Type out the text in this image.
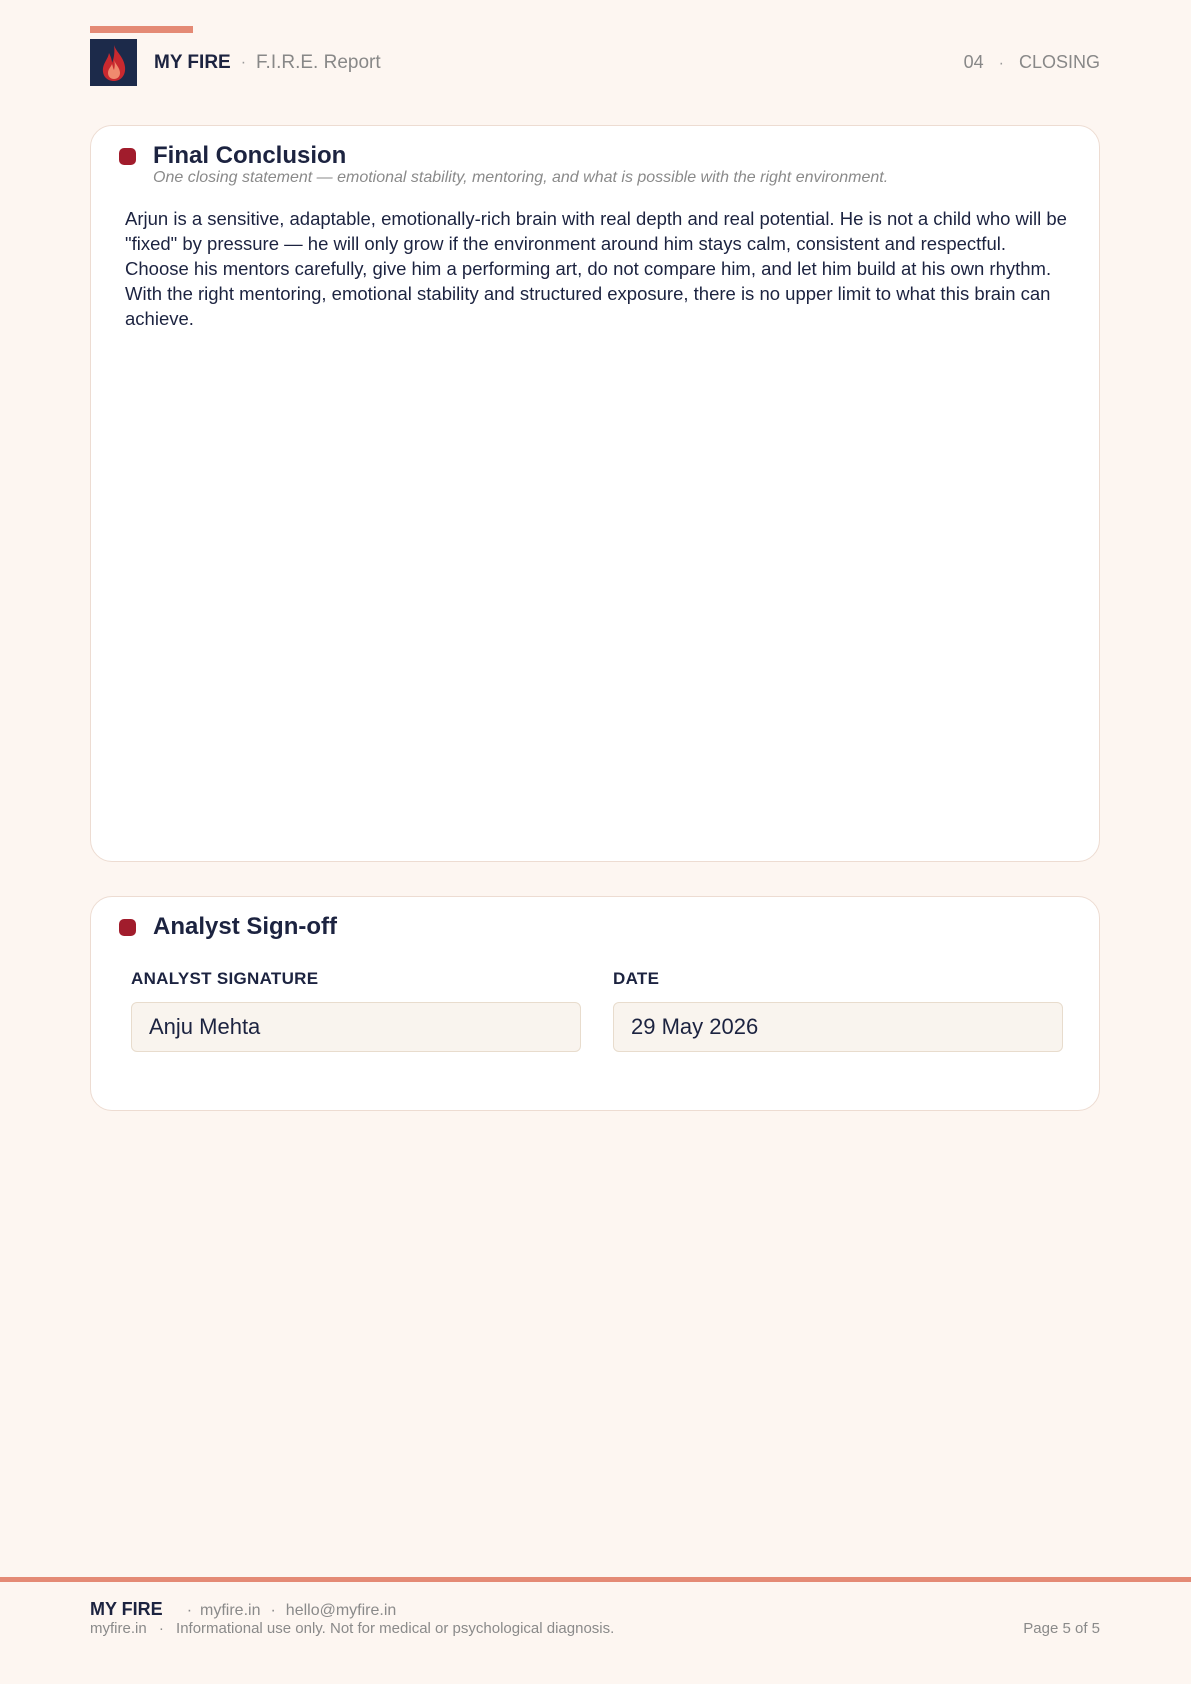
MY FIRE · F.I.R.E. Report	04 · CLOSING
Final Conclusion
One closing statement — emotional stability, mentoring, and what is possible with the right environment.
Arjun is a sensitive, adaptable, emotionally-rich brain with real depth and real potential. He is not a child who will be "fixed" by pressure — he will only grow if the environment around him stays calm, consistent and respectful. Choose his mentors carefully, give him a performing art, do not compare him, and let him build at his own rhythm. With the right mentoring, emotional stability and structured exposure, there is no upper limit to what this brain can achieve.
Analyst Sign-off
ANALYST SIGNATURE
Anju Mehta
DATE
29 May 2026
MY FIRE · myfire.in · hello@myfire.in
myfire.in · Informational use only. Not for medical or psychological diagnosis.	Page 5 of 5
